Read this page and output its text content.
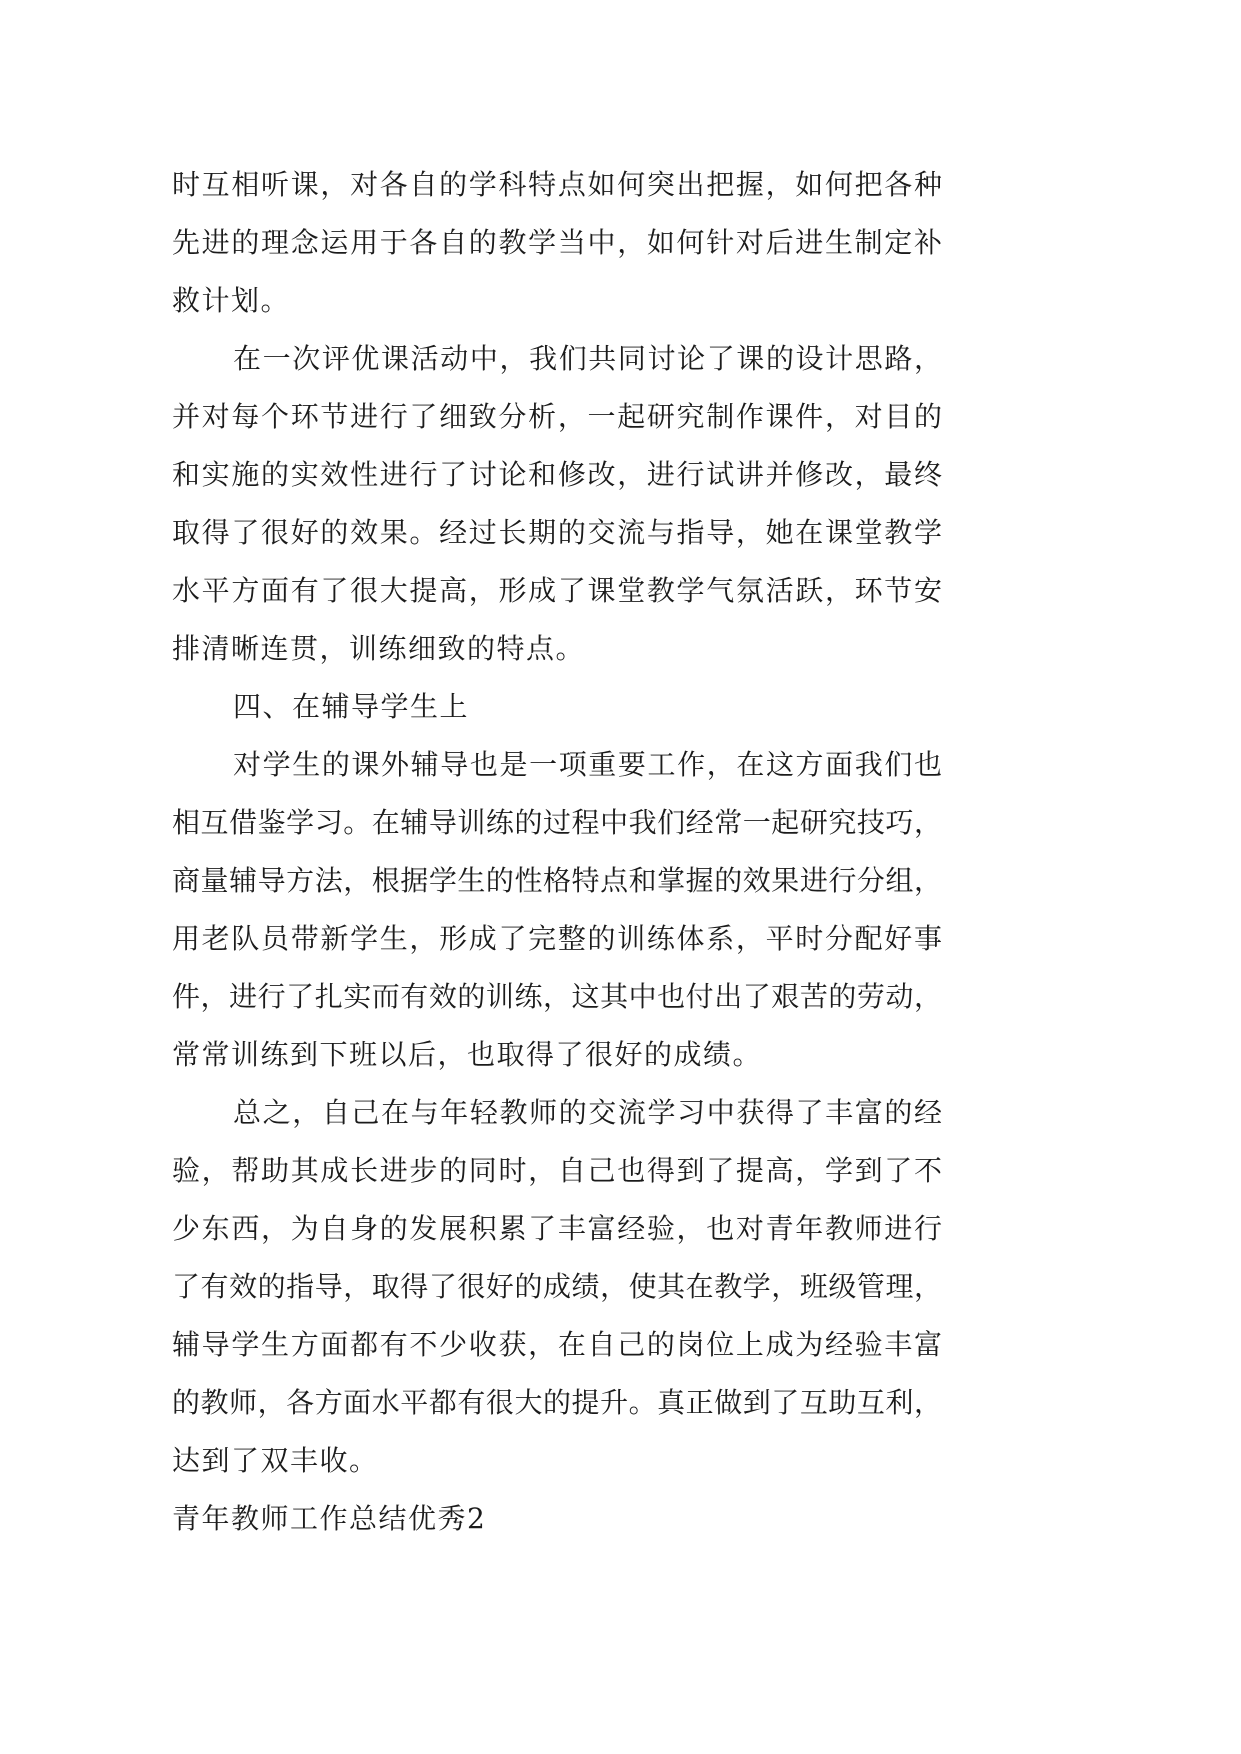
时互相听课，对各自的学科特点如何突出把握，如何把各种
先进的理念运用于各自的教学当中，如何针对后进生制定补
救计划。
在一次评优课活动中，我们共同讨论了课的设计思路，
并对每个环节进行了细致分析，一起研究制作课件，对目的
和实施的实效性进行了讨论和修改，进行试讲并修改，最终
取得了很好的效果。经过长期的交流与指导，她在课堂教学
水平方面有了很大提高，形成了课堂教学气氛活跃，环节安
排清晰连贯，训练细致的特点。
四、在辅导学生上
对学生的课外辅导也是一项重要工作，在这方面我们也
相互借鉴学习。在辅导训练的过程中我们经常一起研究技巧，
商量辅导方法，根据学生的性格特点和掌握的效果进行分组，
用老队员带新学生，形成了完整的训练体系，平时分配好事
件，进行了扎实而有效的训练，这其中也付出了艰苦的劳动，
常常训练到下班以后，也取得了很好的成绩。
总之，自己在与年轻教师的交流学习中获得了丰富的经
验，帮助其成长进步的同时，自己也得到了提高，学到了不
少东西，为自身的发展积累了丰富经验，也对青年教师进行
了有效的指导，取得了很好的成绩，使其在教学，班级管理，
辅导学生方面都有不少收获，在自己的岗位上成为经验丰富
的教师，各方面水平都有很大的提升。真正做到了互助互利，
达到了双丰收。
青年教师工作总结优秀2
